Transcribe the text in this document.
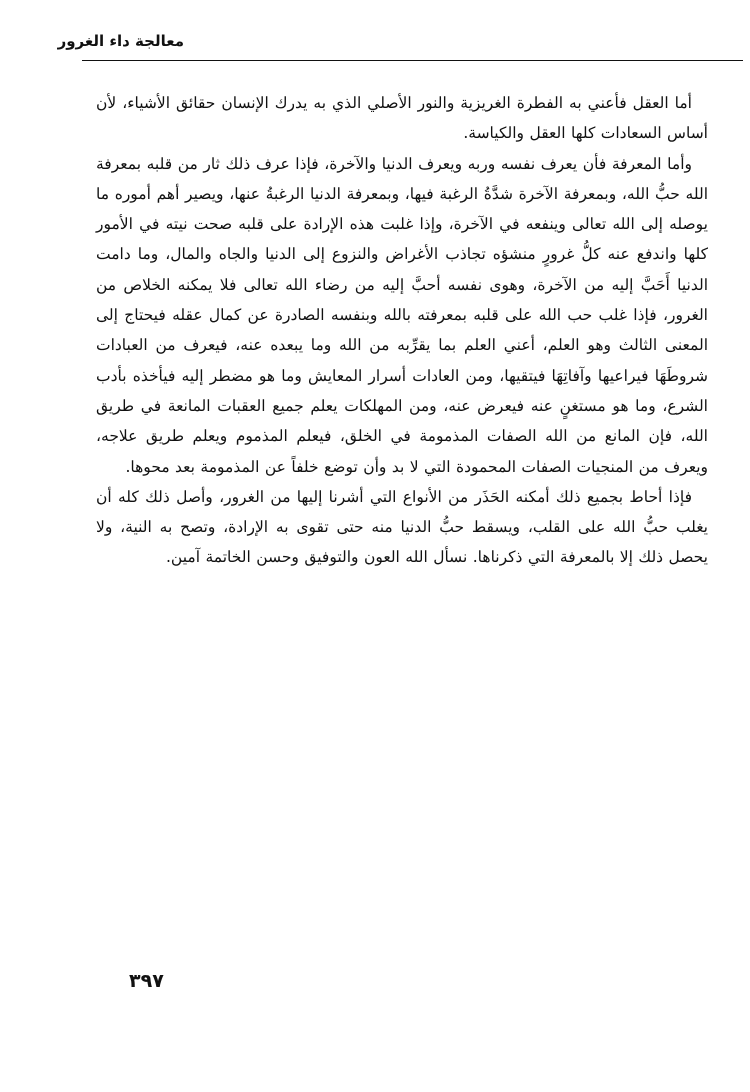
معالجة داء الغرور

أما العقل فأعني به الفطرة الغريزية والنور الأصلي الذي به يدرك الإنسان حقائق الأشياء، لأن أساس السعادات كلها العقل والكياسة.

وأما المعرفة فأن يعرف نفسه وربه ويعرف الدنيا والآخرة، فإذا عرف ذلك ثار من قلبه بمعرفة الله حبُّ الله، وبمعرفة الآخرة شدَّةُ الرغبة فيها، وبمعرفة الدنيا الرغبةُ عنها، ويصير أهم أموره ما يوصله إلى الله تعالى وينفعه في الآخرة، وإذا غلبت هذه الإرادة على قلبه صحت نيته في الأمور كلها واندفع عنه كلُّ غرورٍ منشؤه تجاذب الأغراض والنزوع إلى الدنيا والجاه والمال، وما دامت الدنيا أَحَبَّ إليه من الآخرة، وهوى نفسه أحبَّ إليه من رضاء الله تعالى فلا يمكنه الخلاص من الغرور، فإذا غلب حب الله على قلبه بمعرفته بالله وبنفسه الصادرة عن كمال عقله فيحتاج إلى المعنى الثالث وهو العلم، أعني العلم بما يقرِّبه من الله وما يبعده عنه، فيعرف من العبادات شروطَهَا فيراعيها وآفاتِهَا فيتقيها، ومن العادات أسرار المعايش وما هو مضطر إليه فيأخذه بأدب الشرع، وما هو مستغنٍ عنه فيعرض عنه، ومن المهلكات يعلم جميع العقبات المانعة في طريق الله، فإن المانع من الله الصفات المذمومة في الخلق، فيعلم المذموم ويعلم طريق علاجه، ويعرف من المنجيات الصفات المحمودة التي لا بد وأن توضع خلفاً عن المذمومة بعد محوها.

فإذا أحاط بجميع ذلك أمكنه الحَذَر من الأنواع التي أشرنا إليها من الغرور، وأصل ذلك كله أن يغلب حبُّ الله على القلب، ويسقط حبُّ الدنيا منه حتى تقوى به الإرادة، وتصح به النية، ولا يحصل ذلك إلا بالمعرفة التي ذكرناها. نسأل الله العون والتوفيق وحسن الخاتمة آمين.

٣٩٧
